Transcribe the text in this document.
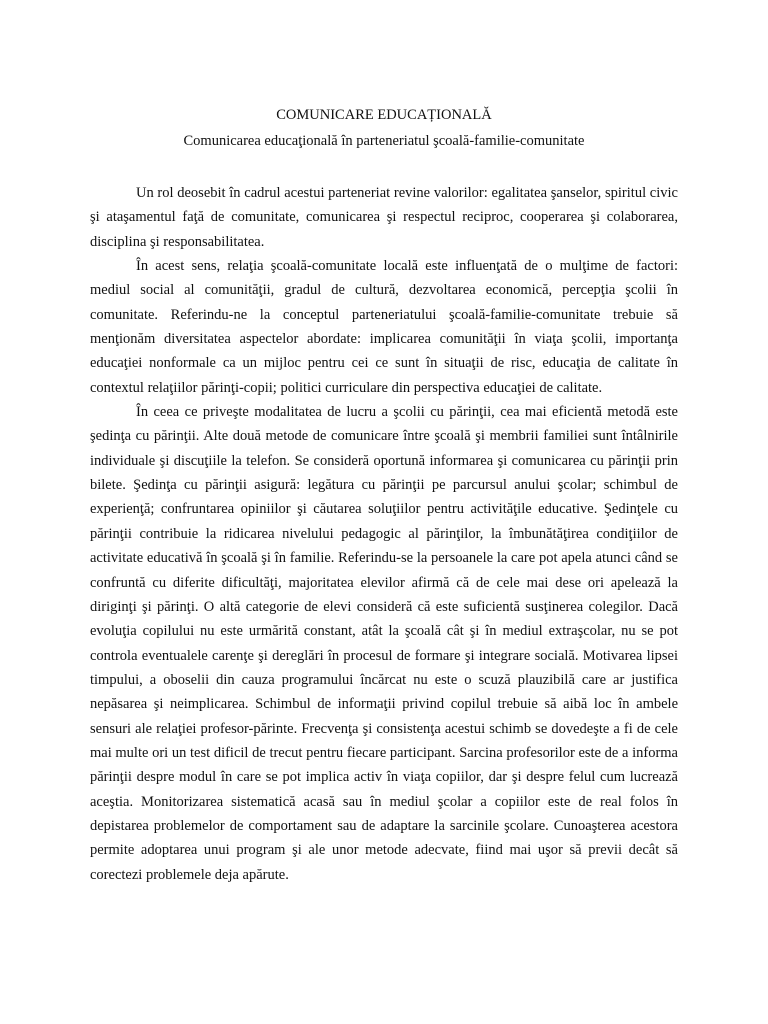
COMUNICARE EDUCAȚIONALĂ
Comunicarea educaţională în parteneriatul şcoală-familie-comunitate

Un rol deosebit în cadrul acestui parteneriat revine valorilor: egalitatea şanselor, spiritul civic şi ataşamentul faţă de comunitate, comunicarea şi respectul reciproc, cooperarea şi colaborarea, disciplina şi responsabilitatea.

În acest sens, relaţia şcoală-comunitate locală este influenţată de o mulţime de factori: mediul social al comunităţii, gradul de cultură, dezvoltarea economică, percepţia şcolii în comunitate. Referindu-ne la conceptul parteneriatului şcoală-familie-comunitate trebuie să menţionăm diversitatea aspectelor abordate: implicarea comunităţii în viaţa şcolii, importanţa educaţiei nonformale ca un mijloc pentru cei ce sunt în situaţii de risc, educaţia de calitate în contextul relaţiilor părinţi-copii; politici curriculare din perspectiva educaţiei de calitate.

În ceea ce priveşte modalitatea de lucru a şcolii cu părinţii, cea mai eficientă metodă este şedinţa cu părinţii. Alte două metode de comunicare între şcoală şi membrii familiei sunt întâlnirile individuale şi discuţiile la telefon. Se consideră oportună informarea şi comunicarea cu părinţii prin bilete. Şedinţa cu părinţii asigură: legătura cu părinţii pe parcursul anului şcolar; schimbul de experienţă; confruntarea opiniilor şi căutarea soluţiilor pentru activităţile educative. Şedinţele cu părinţii contribuie la ridicarea nivelului pedagogic al părinţilor, la îmbunătăţirea condiţiilor de activitate educativă în şcoală şi în familie. Referindu-se la persoanele la care pot apela atunci când se confruntă cu diferite dificultăţi, majoritatea elevilor afirmă că de cele mai dese ori apelează la diriginţi şi părinţi. O altă categorie de elevi consideră că este suficientă susţinerea colegilor. Dacă evoluţia copilului nu este urmărită constant, atât la şcoală cât şi în mediul extraşcolar, nu se pot controla eventualele carenţe şi dereglări în procesul de formare şi integrare socială. Motivarea lipsei timpului, a oboselii din cauza programului încărcat nu este o scuză plauzibilă care ar justifica nepăsarea şi neimplicarea. Schimbul de informaţii privind copilul trebuie să aibă loc în ambele sensuri ale relaţiei profesor-părinte. Frecvenţa şi consistenţa acestui schimb se dovedeşte a fi de cele mai multe ori un test dificil de trecut pentru fiecare participant. Sarcina profesorilor este de a informa părinţii despre modul în care se pot implica activ în viaţa copiilor, dar şi despre felul cum lucrează aceştia. Monitorizarea sistematică acasă sau în mediul şcolar a copiilor este de real folos în depistarea problemelor de comportament sau de adaptare la sarcinile şcolare. Cunoaşterea acestora permite adoptarea unui program şi ale unor metode adecvate, fiind mai uşor să previi decât să corectezi problemele deja apărute.
